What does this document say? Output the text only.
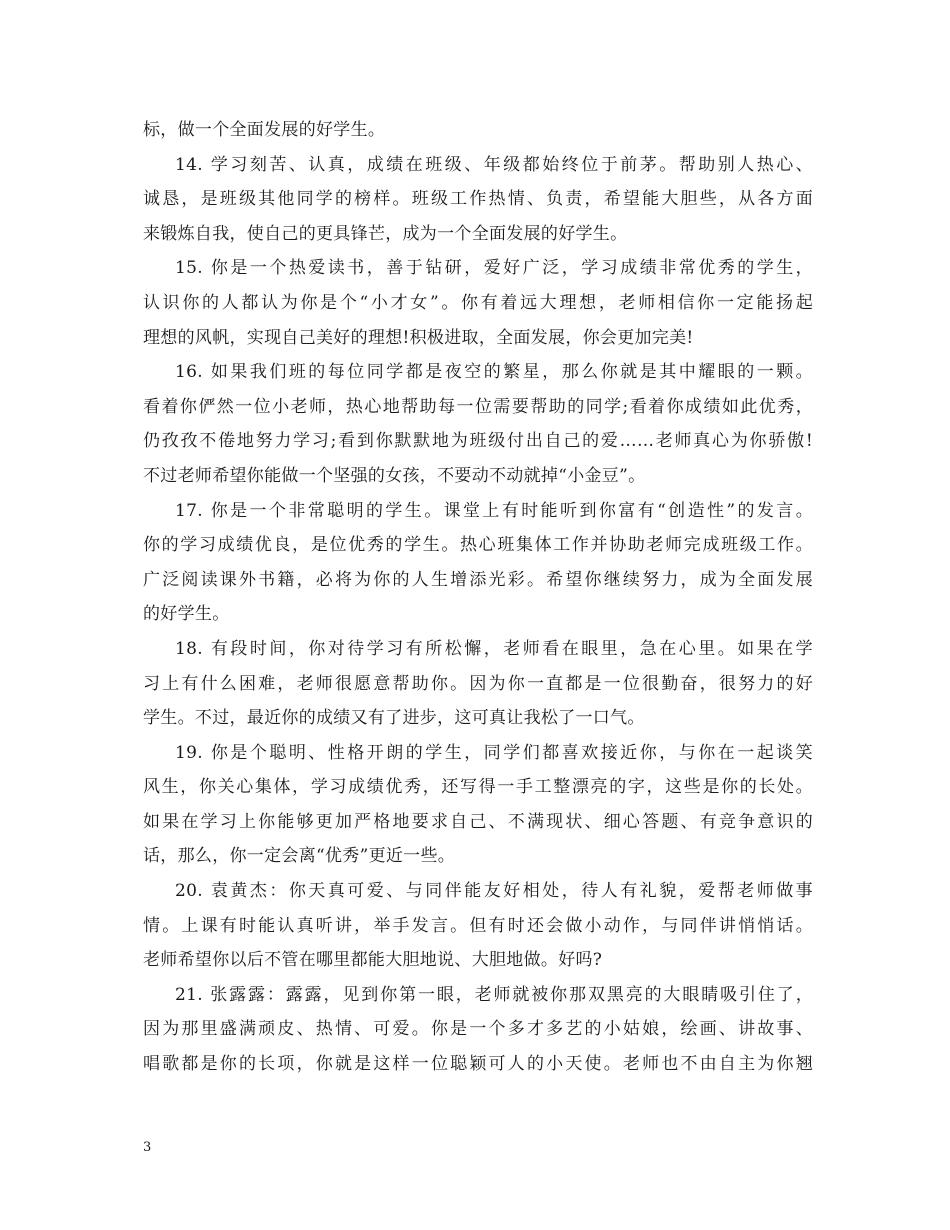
标，做一个全面发展的好学生。
14. 学习刻苦、认真，成绩在班级、年级都始终位于前茅。帮助别人热心、
诚恳，是班级其他同学的榜样。班级工作热情、负责，希望能大胆些，从各方面
来锻炼自我，使自己的更具锋芒，成为一个全面发展的好学生。
15. 你是一个热爱读书，善于钻研，爱好广泛，学习成绩非常优秀的学生，
认识你的人都认为你是个“小才女”。你有着远大理想，老师相信你一定能扬起
理想的风帆，实现自己美好的理想!积极进取，全面发展，你会更加完美!
16. 如果我们班的每位同学都是夜空的繁星，那么你就是其中耀眼的一颗。
看着你俨然一位小老师，热心地帮助每一位需要帮助的同学;看着你成绩如此优秀，
仍孜孜不倦地努力学习;看到你默默地为班级付出自己的爱……老师真心为你骄傲!
不过老师希望你能做一个坚强的女孩，不要动不动就掉“小金豆”。
17. 你是一个非常聪明的学生。课堂上有时能听到你富有“创造性”的发言。
你的学习成绩优良，是位优秀的学生。热心班集体工作并协助老师完成班级工作。
广泛阅读课外书籍，必将为你的人生增添光彩。希望你继续努力，成为全面发展
的好学生。
18. 有段时间，你对待学习有所松懈，老师看在眼里，急在心里。如果在学
习上有什么困难，老师很愿意帮助你。因为你一直都是一位很勤奋，很努力的好
学生。不过，最近你的成绩又有了进步，这可真让我松了一口气。
19. 你是个聪明、性格开朗的学生，同学们都喜欢接近你，与你在一起谈笑
风生，你关心集体，学习成绩优秀，还写得一手工整漂亮的字，这些是你的长处。
如果在学习上你能够更加严格地要求自己、不满现状、细心答题、有竞争意识的
话，那么，你一定会离“优秀”更近一些。
20. 袁黄杰：你天真可爱、与同伴能友好相处，待人有礼貌，爱帮老师做事
情。上课有时能认真听讲，举手发言。但有时还会做小动作，与同伴讲悄悄话。
老师希望你以后不管在哪里都能大胆地说、大胆地做。好吗?
21. 张露露：露露，见到你第一眼，老师就被你那双黑亮的大眼睛吸引住了，
因为那里盛满顽皮、热情、可爱。你是一个多才多艺的小姑娘，绘画、讲故事、
唱歌都是你的长项，你就是这样一位聪颖可人的小天使。老师也不由自主为你翘
3
